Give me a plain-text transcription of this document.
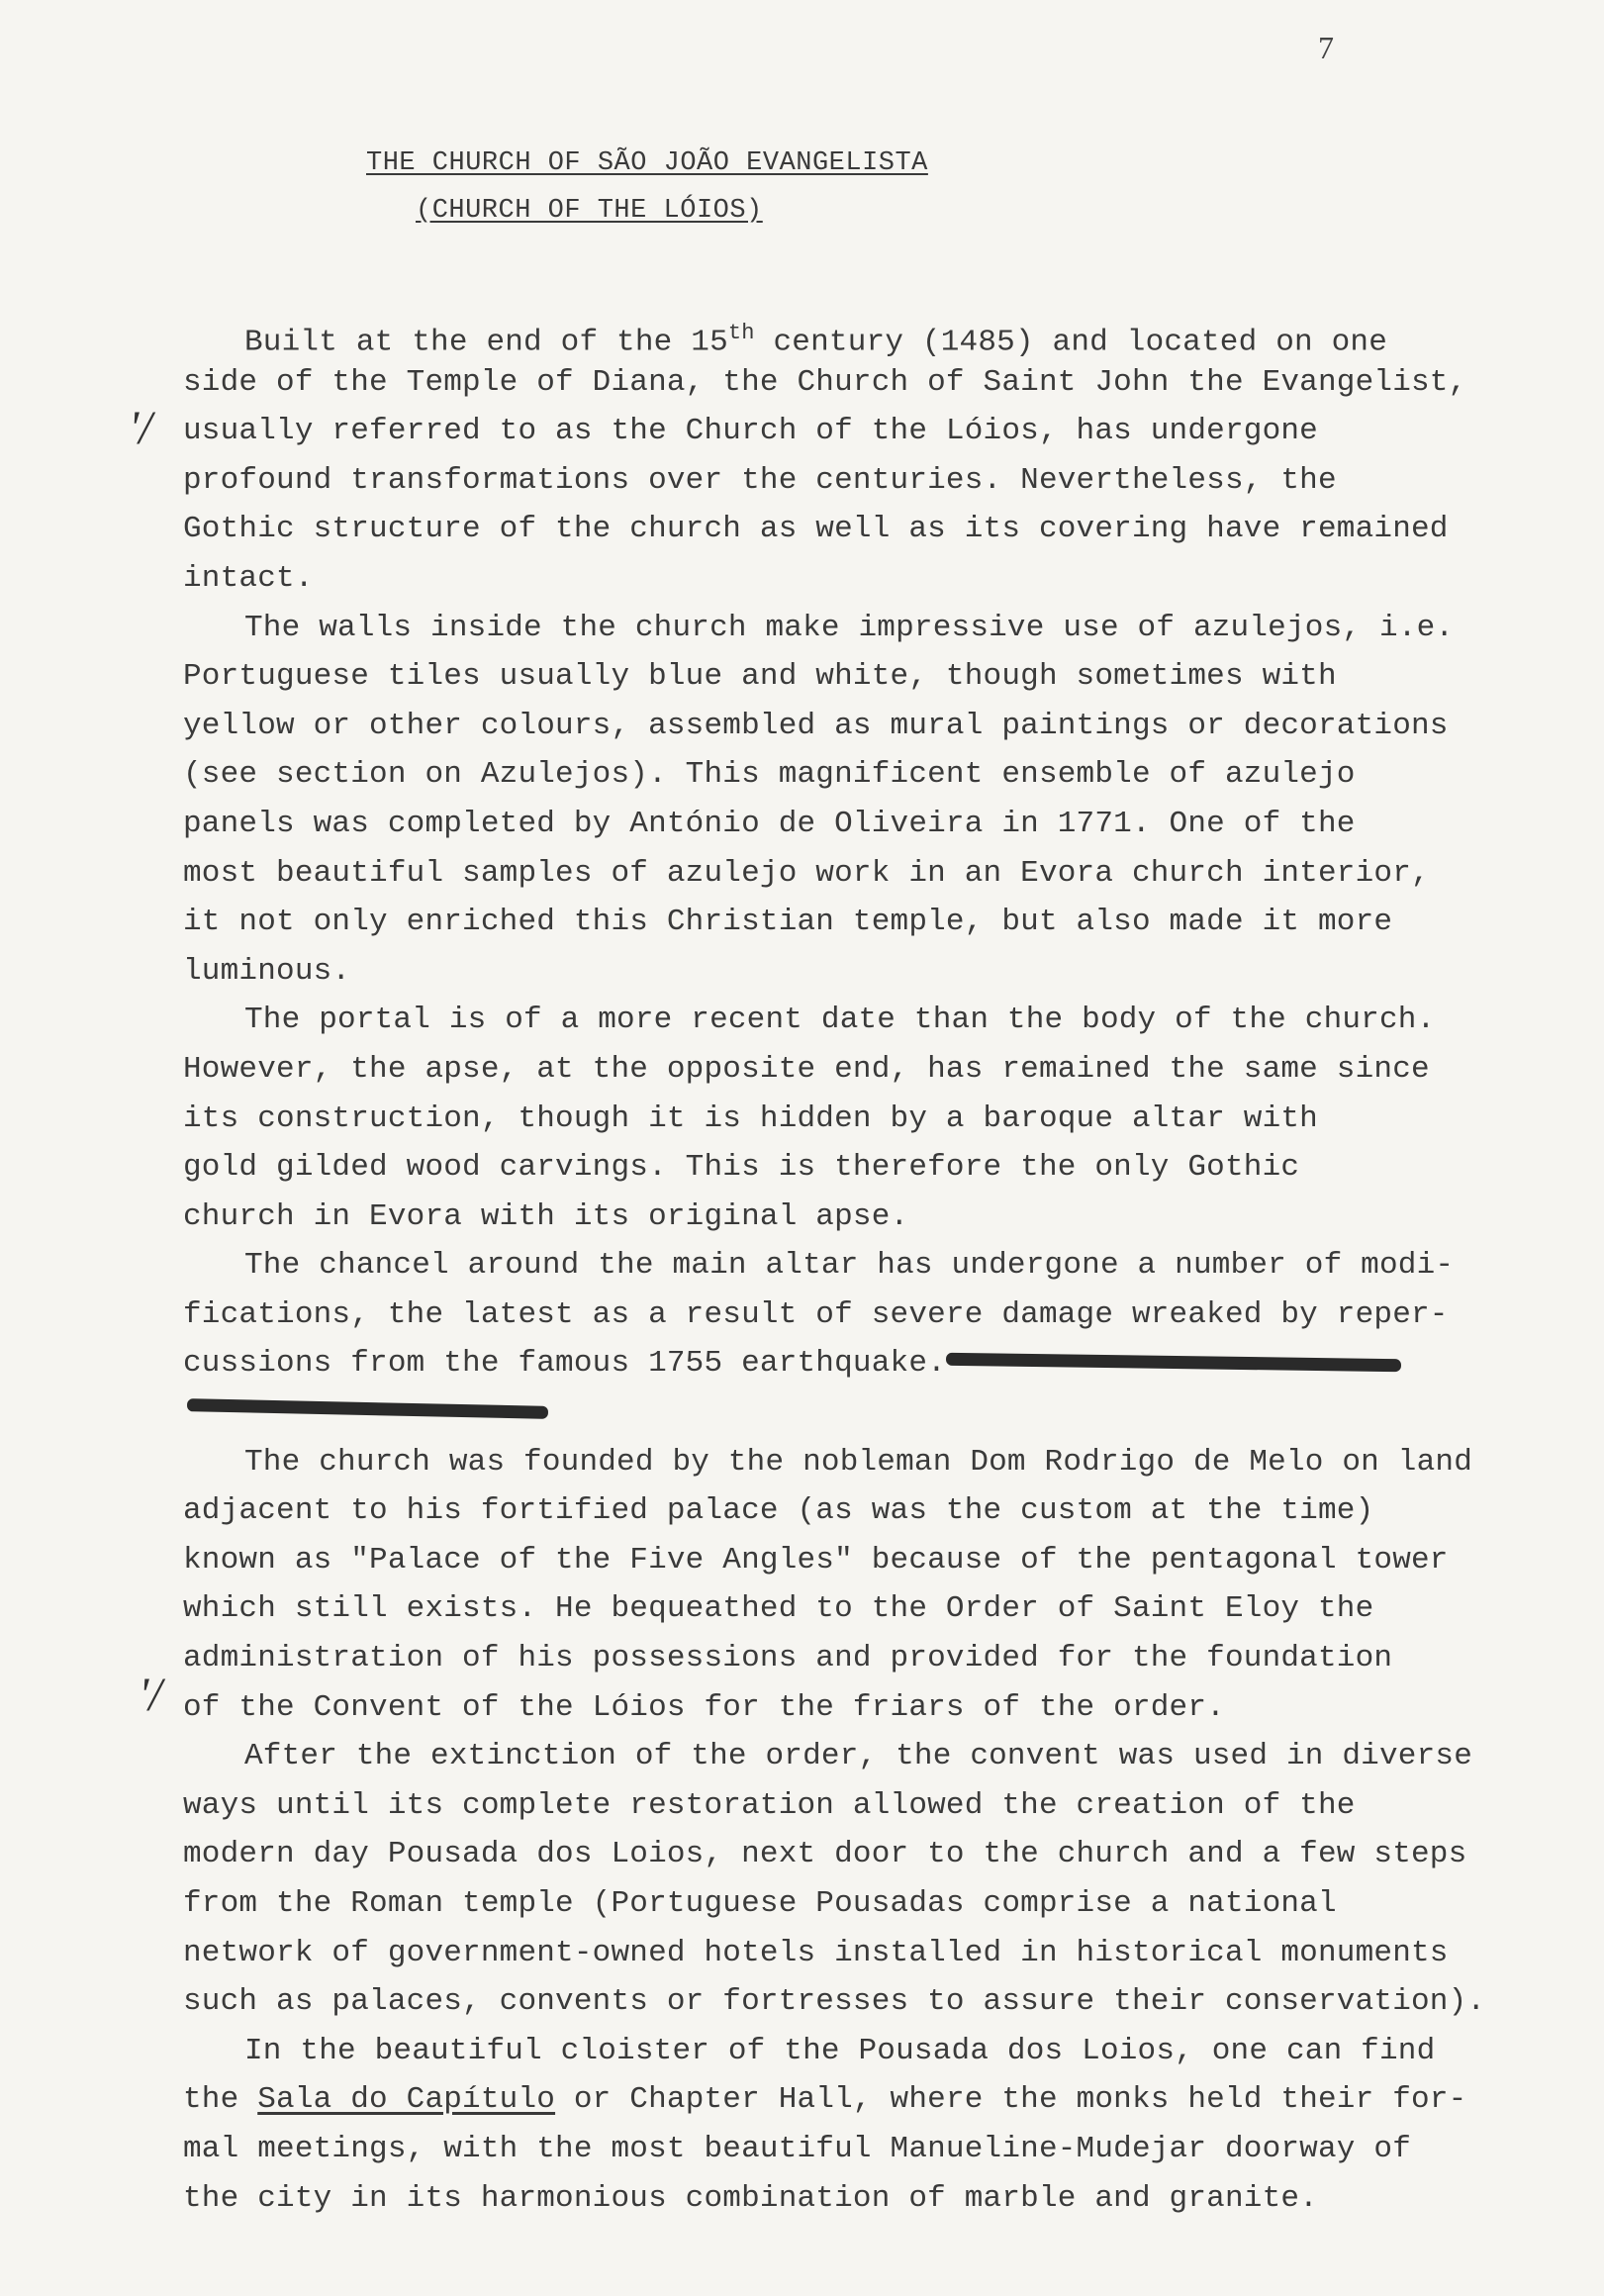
7
THE CHURCH OF SÃO JOÃO EVANGELISTA
(CHURCH OF THE LÓIOS)
'/
'/
Built at the end of the 15th century (1485) and located on one
side of the Temple of Diana, the Church of Saint John the Evangelist,
usually referred to as the Church of the Lóios, has undergone
profound transformations over the centuries. Nevertheless, the
Gothic structure of the church as well as its covering have remained
intact.
The walls inside the church make impressive use of azulejos, i.e.
Portuguese tiles usually blue and white, though sometimes with
yellow or other colours, assembled as mural paintings or decorations
(see section on Azulejos). This magnificent ensemble of azulejo
panels was completed by António de Oliveira in 1771. One of the
most beautiful samples of azulejo work in an Evora church interior,
it not only enriched this Christian temple, but also made it more
luminous.
The portal is of a more recent date than the body of the church.
However, the apse, at the opposite end, has remained the same since
its construction, though it is hidden by a baroque altar with
gold gilded wood carvings. This is therefore the only Gothic
church in Evora with its original apse.
The chancel around the main altar has undergone a number of modi-
fications, the latest as a result of severe damage wreaked by reper-
cussions from the famous 1755 earthquake.
The church was founded by the nobleman Dom Rodrigo de Melo on land
adjacent to his fortified palace (as was the custom at the time)
known as "Palace of the Five Angles" because of the pentagonal tower
which still exists. He bequeathed to the Order of Saint Eloy the
administration of his possessions and provided for the foundation
of the Convent of the Lóios for the friars of the order.
After the extinction of the order, the convent was used in diverse
ways until its complete restoration allowed the creation of the
modern day Pousada dos Loios, next door to the church and a few steps
from the Roman temple (Portuguese Pousadas comprise a national
network of government-owned hotels installed in historical monuments
such as palaces, convents or fortresses to assure their conservation).
In the beautiful cloister of the Pousada dos Loios, one can find
the Sala do Capítulo or Chapter Hall, where the monks held their for-
mal meetings, with the most beautiful Manueline-Mudejar doorway of
the city in its harmonious combination of marble and granite.
